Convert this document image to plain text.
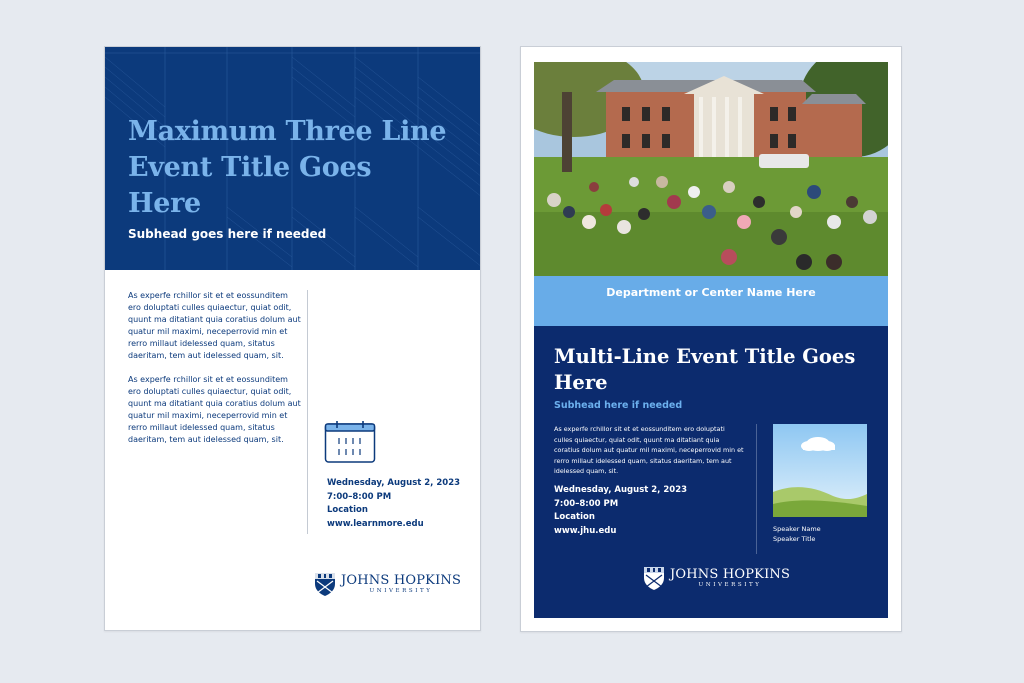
Maximum Three Line Event Title Goes Here
Subhead goes here if needed

As experfe rchillor sit et et eossunditem ero doluptati culles quiaectur, quiat odit, quunt ma ditatiant quia coratius dolum aut quatur mil maximi, neceperrovid min et rerro millaut idelessed quam, sitatus daeritam, tem aut idelessed quam, sit.

As experfe rchillor sit et et eossunditem ero doluptati culles quiaectur, quiat odit, quunt ma ditatiant quia coratius dolum aut quatur mil maximi, neceperrovid min et rerro millaut idelessed quam, sitatus daeritam, tem aut idelessed quam, sit.

Wednesday, August 2, 2023
7:00–8:00 PM
Location
www.learnmore.edu
JOHNS HOPKINS
UNIVERSITY
Department or Center Name Here
Multi-Line Event Title Goes Here
Subhead here if needed
As experfe rchillor sit et et eossunditem ero doluptati culles quiaectur, quiat odit, quunt ma ditatiant quia coratius dolum aut quatur mil maximi, neceperrovid min et rerro millaut idelessed quam, sitatus daeritam, tem aut idelessed quam, sit.
Wednesday, August 2, 2023
7:00–8:00 PM
Location
www.jhu.edu	Speaker Name
Speaker Title
JOHNS HOPKINS
UNIVERSITY
